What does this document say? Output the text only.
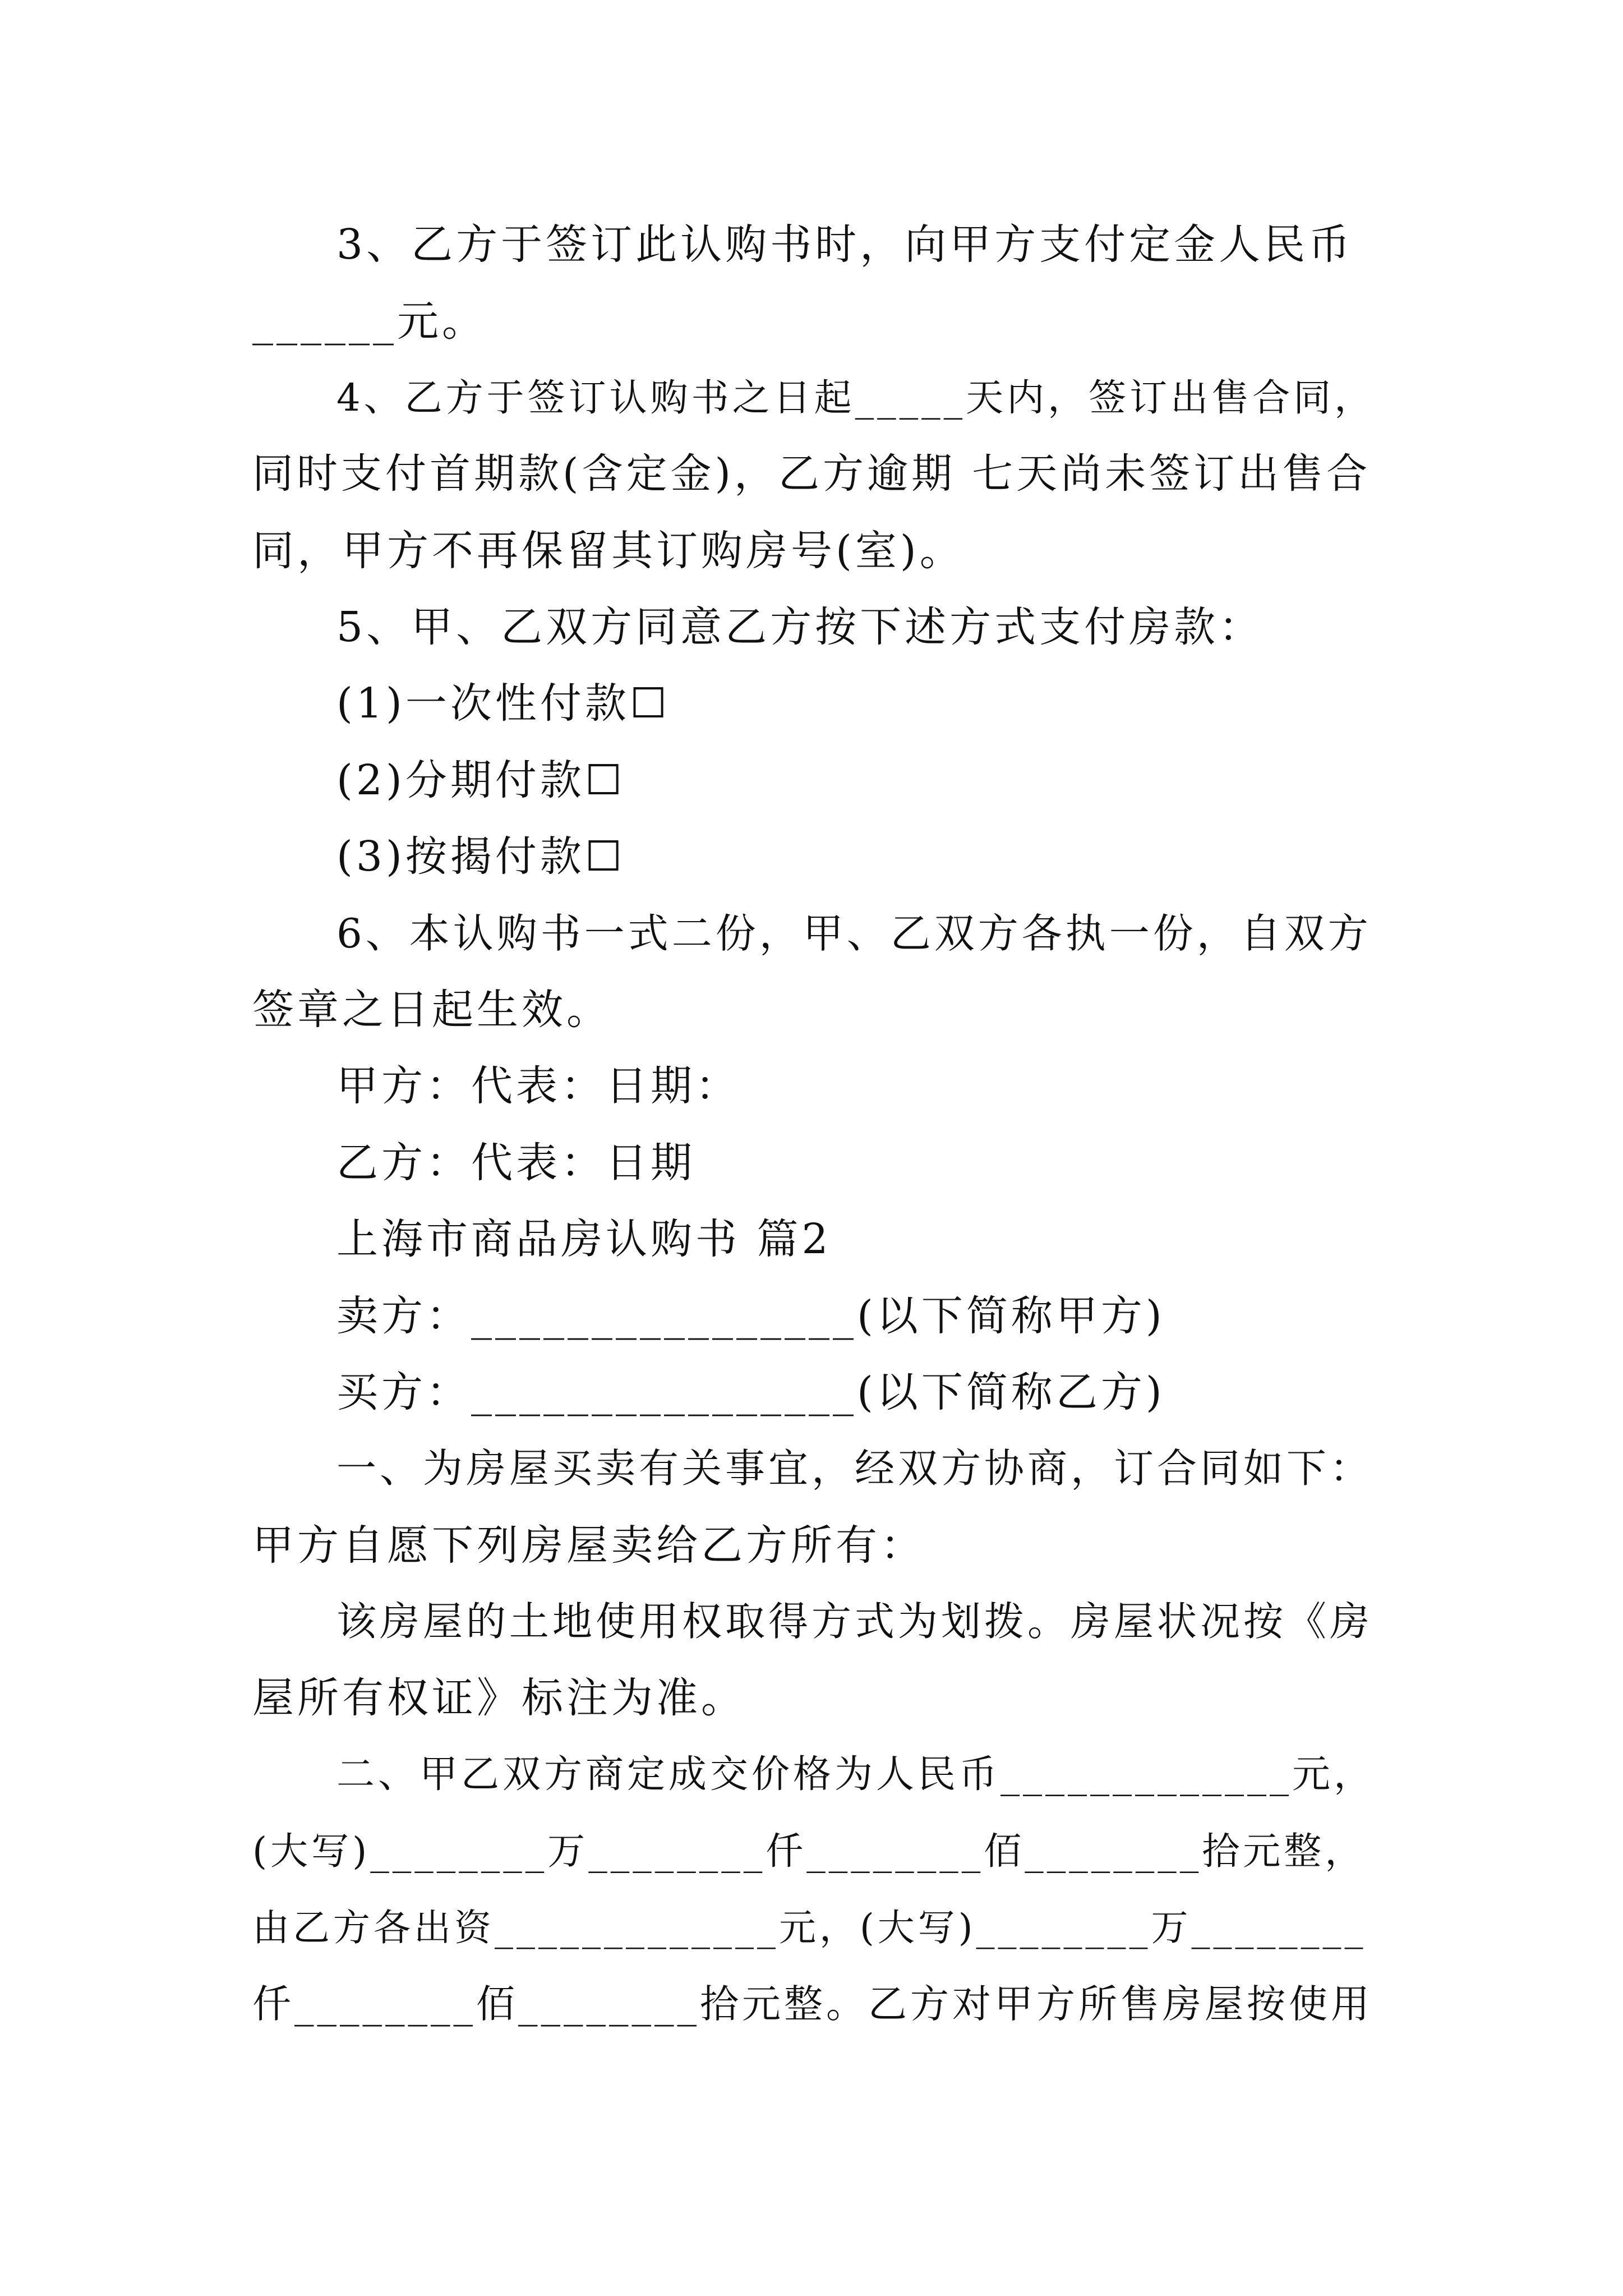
3、乙方于签订此认购书时，向甲方支付定金人民币
______元。
4、乙方于签订认购书之日起_____天内，签订出售合同，
同时支付首期款(含定金)，乙方逾期 七天尚未签订出售合
同，甲方不再保留其订购房号(室)。
5、甲、乙双方同意乙方按下述方式支付房款：
(1)一次性付款☐
(2)分期付款☐
(3)按揭付款☐
6、本认购书一式二份，甲、乙双方各执一份，自双方
签章之日起生效。
甲方：代表：日期：
乙方：代表：日期
上海市商品房认购书 篇2
卖方：________________(以下简称甲方)
买方：________________(以下简称乙方)
一、为房屋买卖有关事宜，经双方协商，订合同如下：
甲方自愿下列房屋卖给乙方所有：
该房屋的土地使用权取得方式为划拨。房屋状况按《房
屋所有权证》标注为准。
二、甲乙双方商定成交价格为人民币_____________元，
(大写)________万________仟________佰________拾元整，
由乙方各出资_____________元，(大写)________万________
仟________佰________拾元整。乙方对甲方所售房屋按使用
